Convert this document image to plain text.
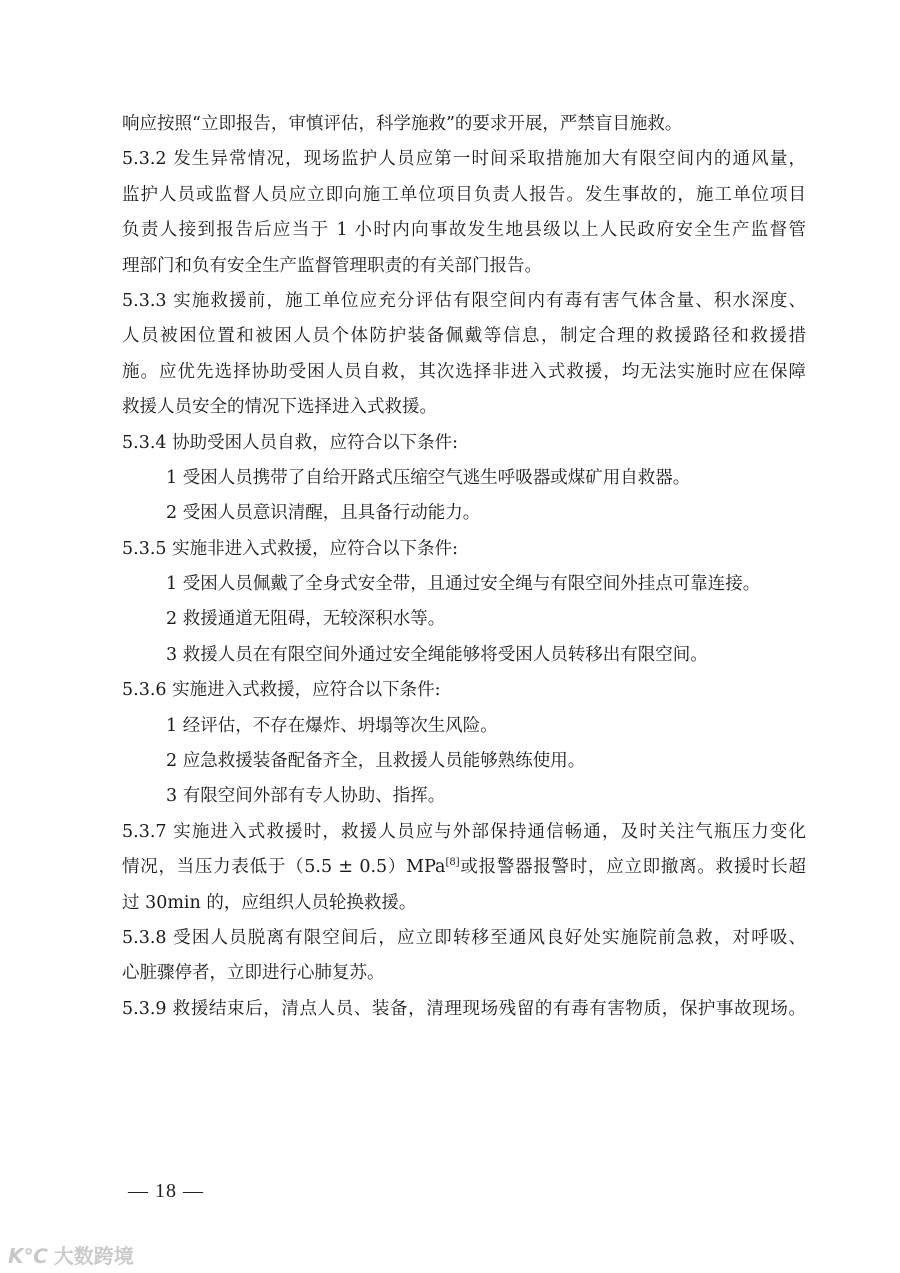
响应按照“立即报告，审慎评估，科学施救”的要求开展，严禁盲目施救。
5.3.2 发生异常情况，现场监护人员应第一时间采取措施加大有限空间内的通风量，
监护人员或监督人员应立即向施工单位项目负责人报告。发生事故的，施工单位项目
负责人接到报告后应当于 1 小时内向事故发生地县级以上人民政府安全生产监督管
理部门和负有安全生产监督管理职责的有关部门报告。
5.3.3 实施救援前，施工单位应充分评估有限空间内有毒有害气体含量、积水深度、
人员被困位置和被困人员个体防护装备佩戴等信息，制定合理的救援路径和救援措
施。应优先选择协助受困人员自救，其次选择非进入式救援，均无法实施时应在保障
救援人员安全的情况下选择进入式救援。
5.3.4 协助受困人员自救，应符合以下条件:
1 受困人员携带了自给开路式压缩空气逃生呼吸器或煤矿用自救器。
2 受困人员意识清醒，且具备行动能力。
5.3.5 实施非进入式救援，应符合以下条件:
1 受困人员佩戴了全身式安全带，且通过安全绳与有限空间外挂点可靠连接。
2 救援通道无阻碍，无较深积水等。
3 救援人员在有限空间外通过安全绳能够将受困人员转移出有限空间。
5.3.6 实施进入式救援，应符合以下条件:
1 经评估，不存在爆炸、坍塌等次生风险。
2 应急救援装备配备齐全，且救援人员能够熟练使用。
3 有限空间外部有专人协助、指挥。
5.3.7 实施进入式救援时，救援人员应与外部保持通信畅通，及时关注气瓶压力变化
情况，当压力表低于（5.5 ± 0.5）MPa[8]或报警器报警时，应立即撤离。救援时长超
过 30min 的，应组织人员轮换救援。
5.3.8 受困人员脱离有限空间后，应立即转移至通风良好处实施院前急救，对呼吸、
心脏骤停者，立即进行心肺复苏。
5.3.9 救援结束后，清点人员、装备，清理现场残留的有毒有害物质，保护事故现场。
— 18 —
K℃ 大数跨境
